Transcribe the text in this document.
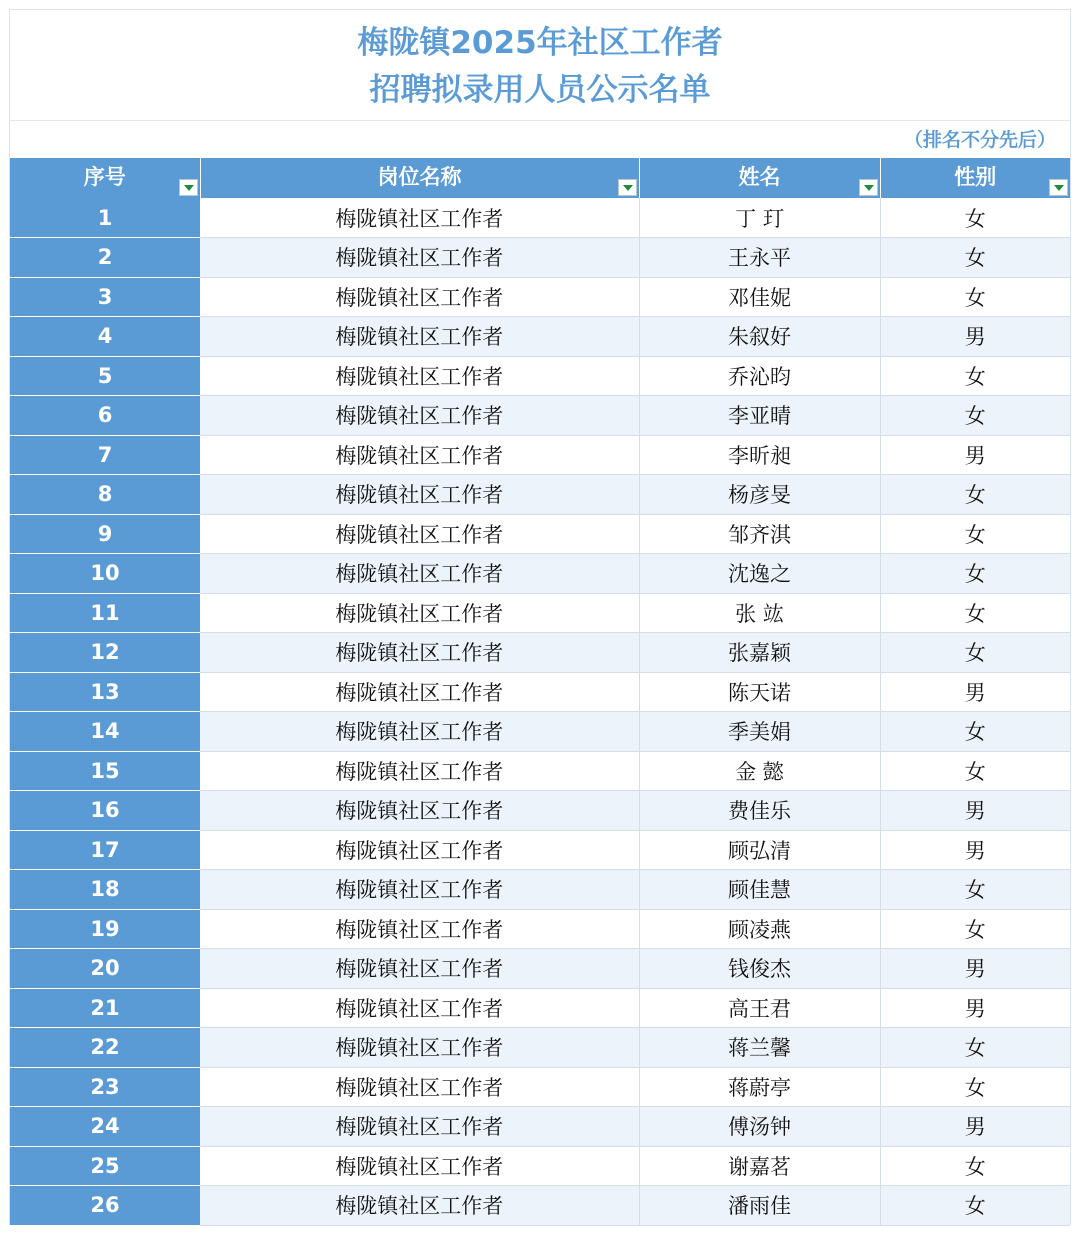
梅陇镇2025年社区工作者
招聘拟录用人员公示名单
（排名不分先后）
序号	岗位名称	姓名	性别

1	梅陇镇社区工作者	丁 玎	女
2	梅陇镇社区工作者	王永平	女
3	梅陇镇社区工作者	邓佳妮	女
4	梅陇镇社区工作者	朱叙好	男
5	梅陇镇社区工作者	乔沁昀	女
6	梅陇镇社区工作者	李亚晴	女
7	梅陇镇社区工作者	李昕昶	男
8	梅陇镇社区工作者	杨彦旻	女
9	梅陇镇社区工作者	邹齐淇	女
10	梅陇镇社区工作者	沈逸之	女
11	梅陇镇社区工作者	张 竑	女
12	梅陇镇社区工作者	张嘉颖	女
13	梅陇镇社区工作者	陈天诺	男
14	梅陇镇社区工作者	季美娟	女
15	梅陇镇社区工作者	金 懿	女
16	梅陇镇社区工作者	费佳乐	男
17	梅陇镇社区工作者	顾弘清	男
18	梅陇镇社区工作者	顾佳慧	女
19	梅陇镇社区工作者	顾凌燕	女
20	梅陇镇社区工作者	钱俊杰	男
21	梅陇镇社区工作者	高王君	男
22	梅陇镇社区工作者	蒋兰馨	女
23	梅陇镇社区工作者	蒋蔚亭	女
24	梅陇镇社区工作者	傅汤钟	男
25	梅陇镇社区工作者	谢嘉茗	女
26	梅陇镇社区工作者	潘雨佳	女
